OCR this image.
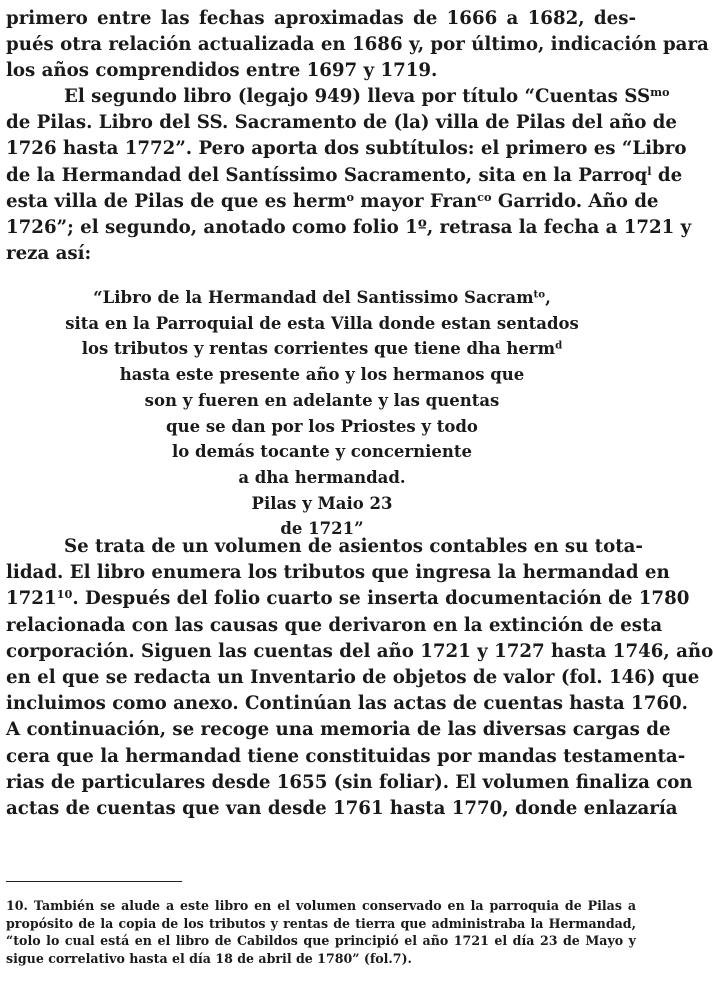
primero entre las fechas aproximadas de 1666 a 1682, des-
pués otra relación actualizada en 1686 y, por último, indicación para
los años comprendidos entre 1697 y 1719.
El segundo libro (legajo 949) lleva por título “Cuentas $SS^{mo}$
de Pilas. Libro del SS. Sacramento de (la) villa de Pilas del año de
1726 hasta 1772”. Pero aporta dos subtítulos: el primero es “Libro
de la Hermandad del Santíssimo Sacramento, sita en la Parroq$^l$ de
esta villa de Pilas de que es herm$^o$ mayor Fran$^{co}$ Garrido. Año de
1726”; el segundo, anotado como folio 1º, retrasa la fecha a 1721 y
reza así:
“Libro de la Hermandad del Santissimo Sacram$^{to}$,
sita en la Parroquial de esta Villa donde estan sentados
los tributos y rentas corrientes que tiene dha herm$^d$
hasta este presente año y los hermanos que
son y fueren en adelante y las quentas
que se dan por los Priostes y todo
lo demás tocante y concerniente
a dha hermandad.
Pilas y Maio 23
de 1721”
Se trata de un volumen de asientos contables en su tota-
lidad. El libro enumera los tributos que ingresa la hermandad en
1721$^{10}$. Después del folio cuarto se inserta documentación de 1780
relacionada con las causas que derivaron en la extinción de esta
corporación. Siguen las cuentas del año 1721 y 1727 hasta 1746, año
en el que se redacta un Inventario de objetos de valor (fol. 146) que
incluimos como anexo. Continúan las actas de cuentas hasta 1760.
A continuación, se recoge una memoria de las diversas cargas de
cera que la hermandad tiene constituidas por mandas testamenta-
rias de particulares desde 1655 (sin foliar). El volumen finaliza con
actas de cuentas que van desde 1761 hasta 1770, donde enlazaría
10. También se alude a este libro en el volumen conservado en la parroquia de Pilas a
propósito de la copia de los tributos y rentas de tierra que administraba la Hermandad,
“tolo lo cual está en el libro de Cabildos que principió el año 1721 el día 23 de Mayo y
sigue correlativo hasta el día 18 de abril de 1780” (fol.7).
